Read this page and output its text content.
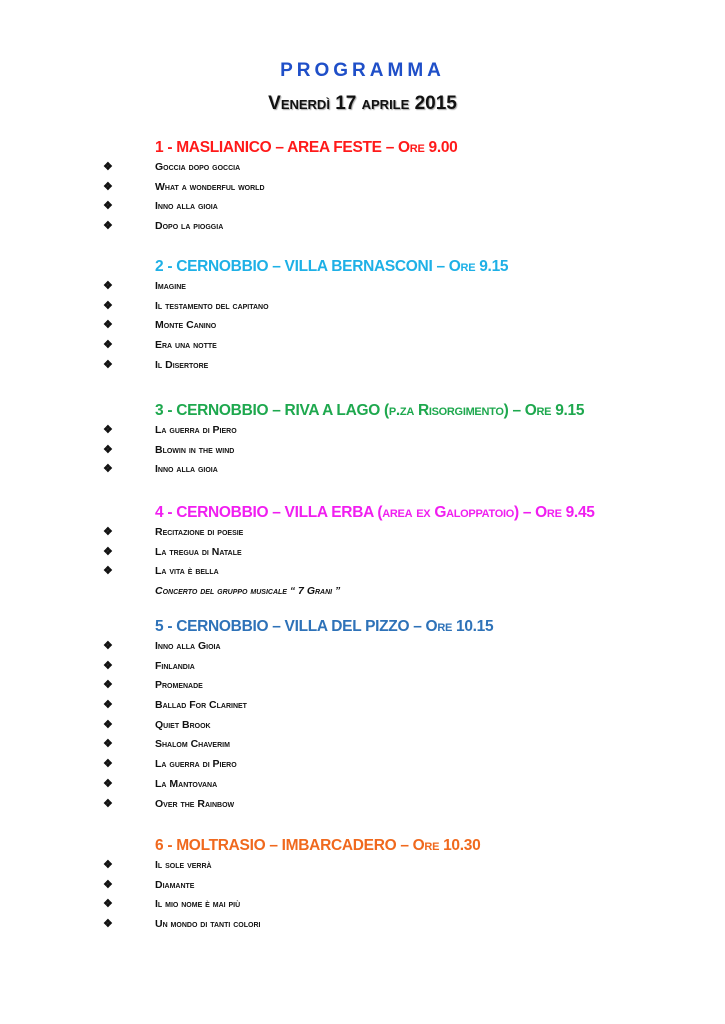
PROGRAMMA
Venerdì 17 aprile 2015
1 - MASLIANICO – AREA FESTE – Ore 9.00
❖	Goccia dopo goccia
❖	What a wonderful world
❖	Inno alla gioia
❖	Dopo la pioggia
2 - CERNOBBIO – VILLA BERNASCONI – Ore 9.15
❖	Imagine
❖	Il testamento del capitano
❖	Monte Canino
❖	Era una notte
❖	Il Disertore
3 - CERNOBBIO – RIVA A LAGO (p.za Risorgimento) – Ore 9.15
❖	La guerra di Piero
❖	Blowin in the wind
❖	Inno alla gioia
4 - CERNOBBIO – VILLA ERBA (area ex Galoppatoio) – Ore 9.45
❖	Recitazione di poesie
❖	La tregua di Natale
❖	La vita è bella
Concerto del gruppo musicale “ 7 Grani ”
5 - CERNOBBIO – VILLA DEL PIZZO – Ore 10.15
❖	Inno alla Gioia
❖	Finlandia
❖	Promenade
❖	Ballad For Clarinet
❖	Quiet Brook
❖	Shalom Chaverim
❖	La guerra di Piero
❖	La Mantovana
❖	Over the Rainbow
6 - MOLTRASIO – IMBARCADERO – Ore 10.30
❖	Il sole verrà
❖	Diamante
❖	Il mio nome è mai più
❖	Un mondo di tanti colori
